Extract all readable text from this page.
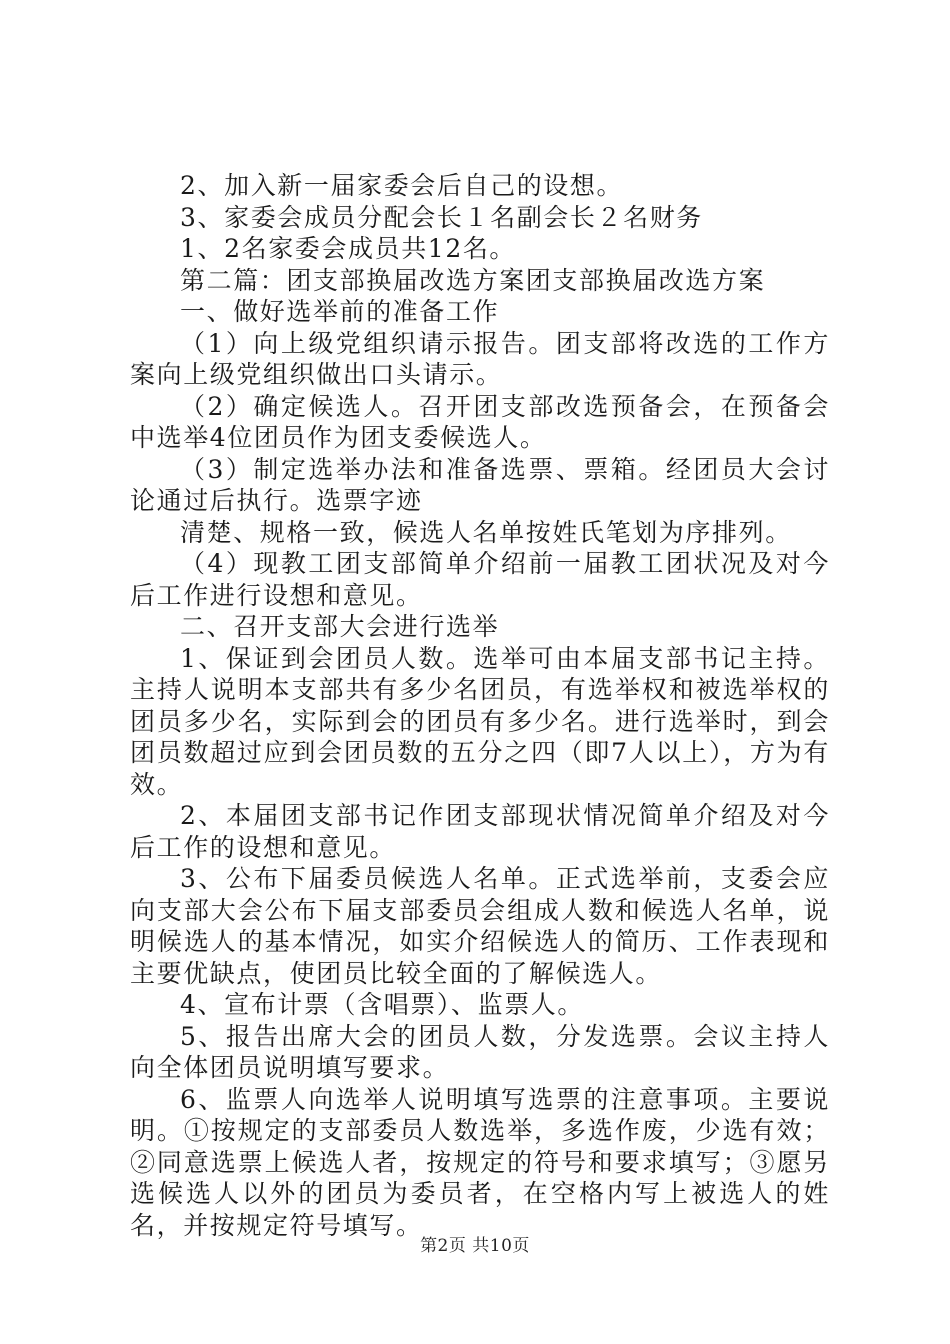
2、加入新一届家委会后自己的设想。

3、家委会成员分配会长１名副会长２名财务

1、2名家委会成员共12名。

第二篇：团支部换届改选方案团支部换届改选方案

一、做好选举前的准备工作

（1）向上级党组织请示报告。团支部将改选的工作方案向上级党组织做出口头请示。

（2）确定候选人。召开团支部改选预备会，在预备会中选举4位团员作为团支委候选人。

（3）制定选举办法和准备选票、票箱。经团员大会讨论通过后执行。选票字迹

清楚、规格一致，候选人名单按姓氏笔划为序排列。

（4）现教工团支部简单介绍前一届教工团状况及对今后工作进行设想和意见。

二、召开支部大会进行选举

1、保证到会团员人数。选举可由本届支部书记主持。主持人说明本支部共有多少名团员，有选举权和被选举权的团员多少名，实际到会的团员有多少名。进行选举时，到会团员数超过应到会团员数的五分之四（即7人以上），方为有效。

2、本届团支部书记作团支部现状情况简单介绍及对今后工作的设想和意见。

3、公布下届委员候选人名单。正式选举前，支委会应向支部大会公布下届支部委员会组成人数和候选人名单，说明候选人的基本情况，如实介绍候选人的简历、工作表现和主要优缺点，使团员比较全面的了解候选人。

4、宣布计票（含唱票）、监票人。

5、报告出席大会的团员人数，分发选票。会议主持人向全体团员说明填写要求。

6、监票人向选举人说明填写选票的注意事项。主要说明。①按规定的支部委员人数选举，多选作废，少选有效；②同意选票上候选人者，按规定的符号和要求填写；③愿另选候选人以外的团员为委员者，在空格内写上被选人的姓名，并按规定符号填写。

第2页 共10页
